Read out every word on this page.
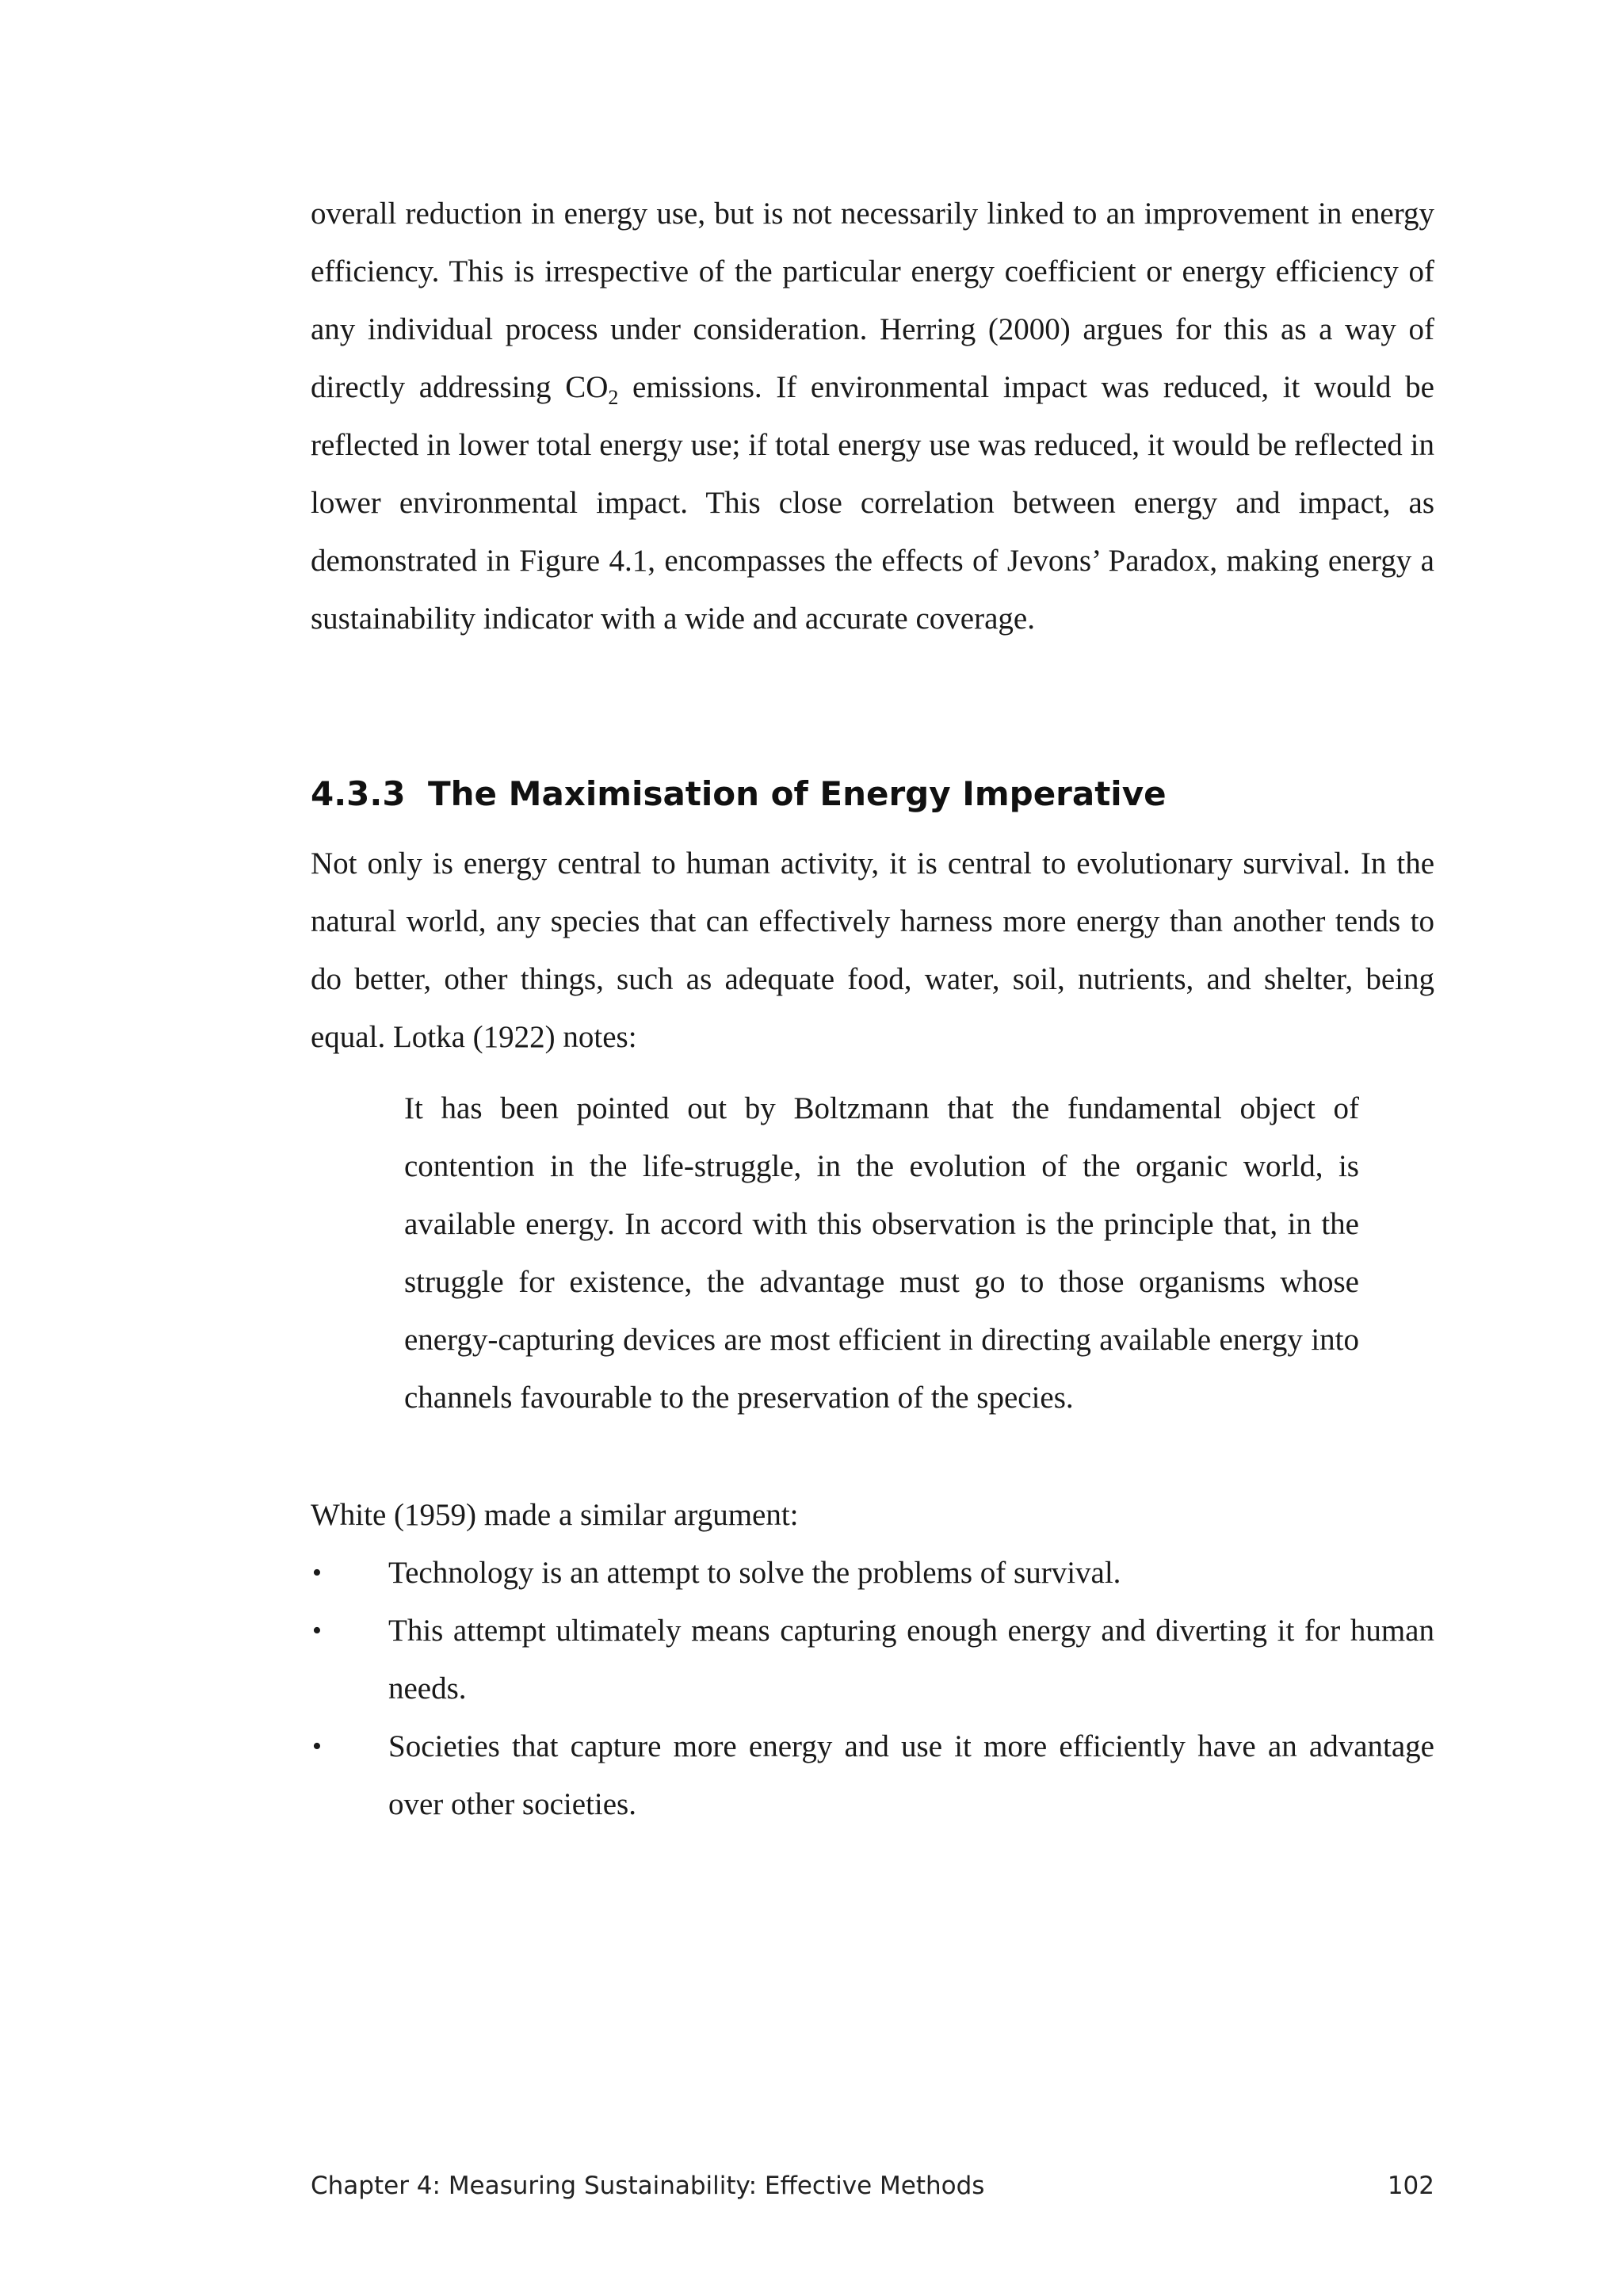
overall reduction in energy use, but is not necessarily linked to an improvement in energy efficiency. This is irrespective of the particular energy coefficient or energy efficiency of any individual process under consideration. Herring (2000) argues for this as a way of directly addressing $CO_2$ emissions. If environmental impact was reduced, it would be reflected in lower total energy use; if total energy use was reduced, it would be reflected in lower environmental impact. This close correlation between energy and impact, as demonstrated in Figure 4.1, encompasses the effects of Jevons’ Paradox, making energy a sustainability indicator with a wide and accurate coverage.

4.3.3 The Maximisation of Energy Imperative

Not only is energy central to human activity, it is central to evolutionary survival. In the natural world, any species that can effectively harness more energy than another tends to do better, other things, such as adequate food, water, soil, nutrients, and shelter, being equal. Lotka (1922) notes:

It has been pointed out by Boltzmann that the fundamental object of contention in the life-struggle, in the evolution of the organic world, is available energy. In accord with this observation is the principle that, in the struggle for existence, the advantage must go to those organisms whose energy-capturing devices are most efficient in directing available energy into channels favourable to the preservation of the species.

White (1959) made a similar argument:

• Technology is an attempt to solve the problems of survival.
• This attempt ultimately means capturing enough energy and diverting it for human needs.
• Societies that capture more energy and use it more efficiently have an advantage over other societies.
Chapter 4: Measuring Sustainability: Effective Methods	102
